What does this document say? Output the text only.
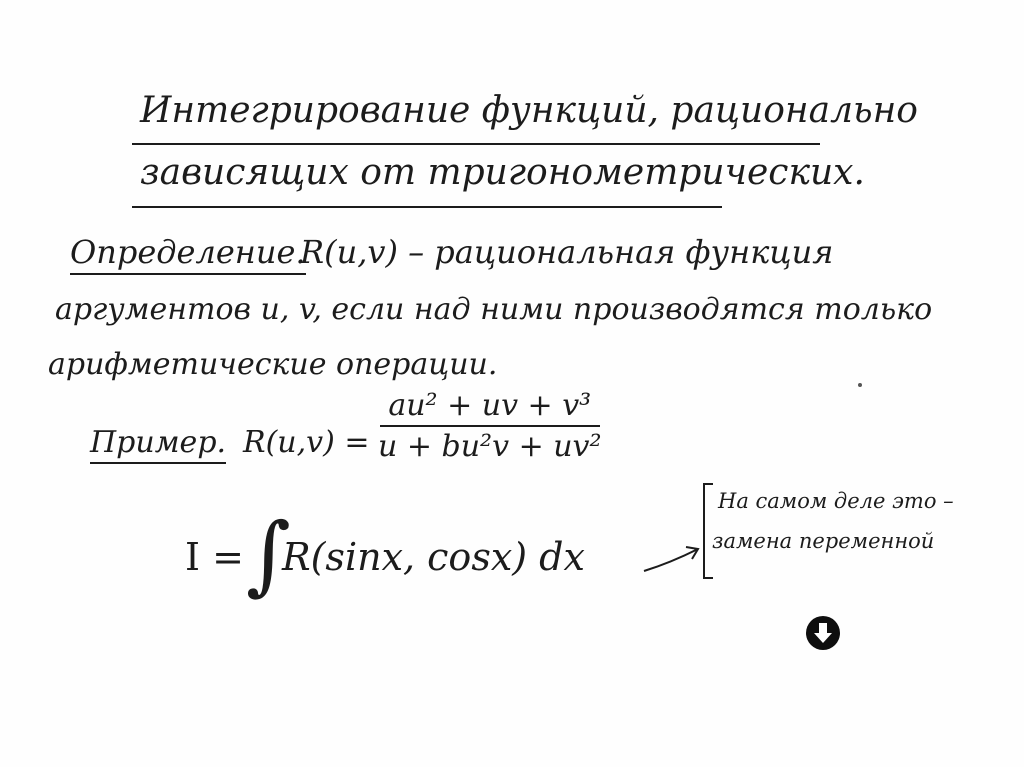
Интегрирование функций, рационально
зависящих от тригонометрических.
Определение.
R(u,v) – рациональная функция
аргументов u, v, если над ними производятся только
арифметические операции.
Пример. R(u,v) =
au² + uv + v³
u + bu²v + uv²
I = ∫
R(sinx, cosx) dx
На самом деле это –
замена переменной
